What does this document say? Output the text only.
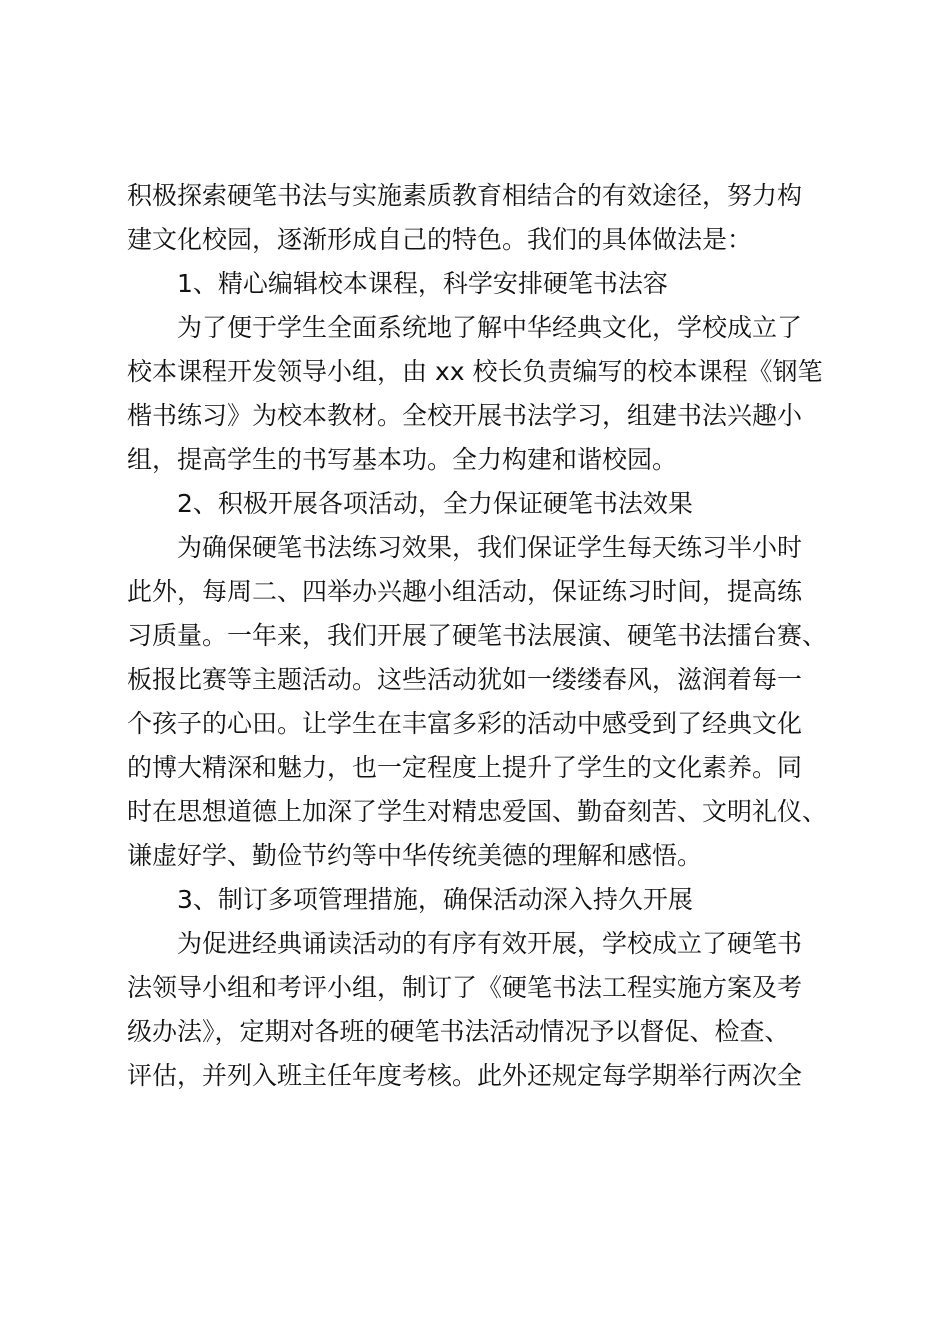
积极探索硬笔书法与实施素质教育相结合的有效途径，努力构
建文化校园，逐渐形成自己的特色。我们的具体做法是：
1、精心编辑校本课程，科学安排硬笔书法容
为了便于学生全面系统地了解中华经典文化，学校成立了
校本课程开发领导小组，由 xx 校长负责编写的校本课程《钢笔
楷书练习》为校本教材。全校开展书法学习，组建书法兴趣小
组，提高学生的书写基本功。全力构建和谐校园。
2、积极开展各项活动，全力保证硬笔书法效果
为确保硬笔书法练习效果，我们保证学生每天练习半小时
此外，每周二、四举办兴趣小组活动，保证练习时间，提高练
习质量。一年来，我们开展了硬笔书法展演、硬笔书法擂台赛、
板报比赛等主题活动。这些活动犹如一缕缕春风，滋润着每一
个孩子的心田。让学生在丰富多彩的活动中感受到了经典文化
的博大精深和魅力，也一定程度上提升了学生的文化素养。同
时在思想道德上加深了学生对精忠爱国、勤奋刻苦、文明礼仪、
谦虚好学、勤俭节约等中华传统美德的理解和感悟。
3、制订多项管理措施，确保活动深入持久开展
为促进经典诵读活动的有序有效开展，学校成立了硬笔书
法领导小组和考评小组，制订了《硬笔书法工程实施方案及考
级办法》，定期对各班的硬笔书法活动情况予以督促、检查、
评估，并列入班主任年度考核。此外还规定每学期举行两次全
